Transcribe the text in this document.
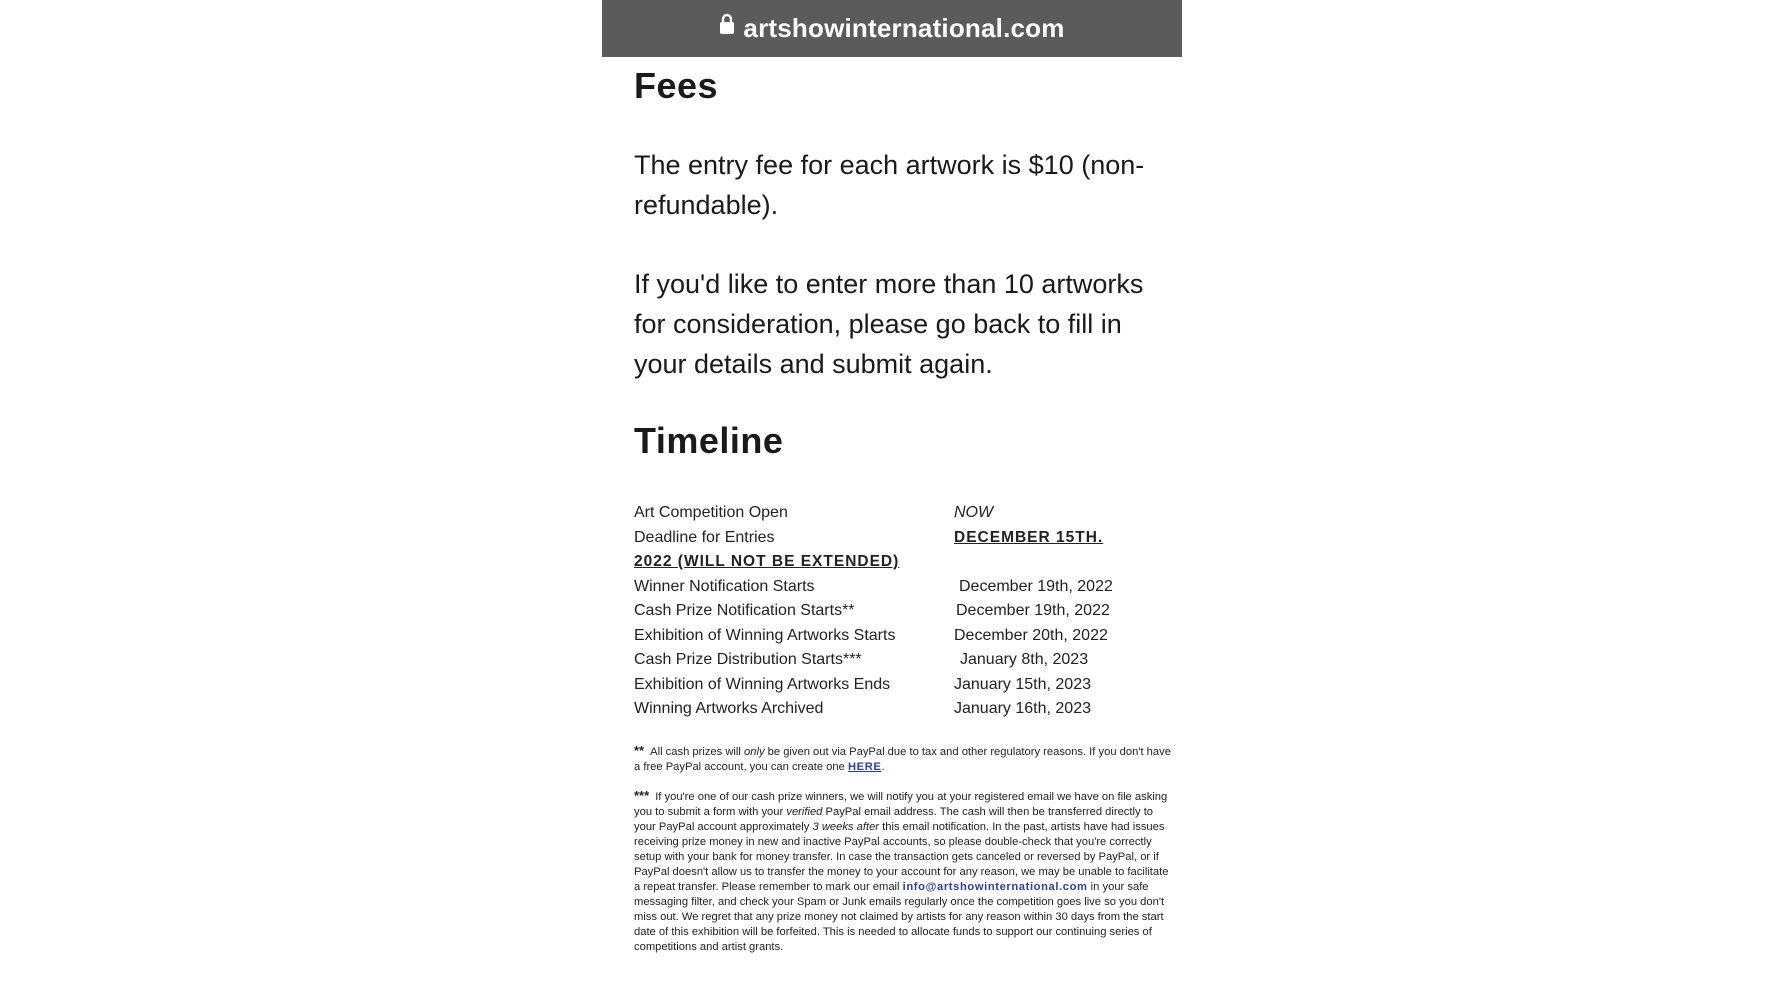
artshowinternational.com
Fees

The entry fee for each artwork is $10 (non-refundable).

If you'd like to enter more than 10 artworks for consideration, please go back to fill in your details and submit again.

Timeline
Art Competition Open	NOW
Deadline for Entries	DECEMBER 15TH.
2022 (WILL NOT BE EXTENDED)
Winner Notification Starts	December 19th, 2022
Cash Prize Notification Starts**	December 19th, 2022
Exhibition of Winning Artworks Starts	December 20th, 2022
Cash Prize Distribution Starts***	January 8th, 2023
Exhibition of Winning Artworks Ends	January 15th, 2023
Winning Artworks Archived	January 16th, 2023
** All cash prizes will only be given out via PayPal due to tax and other regulatory reasons. If you don't have a free PayPal account, you can create one HERE.
*** If you're one of our cash prize winners, we will notify you at your registered email we have on file asking you to submit a form with your verified PayPal email address. The cash will then be transferred directly to your PayPal account approximately 3 weeks after this email notification. In the past, artists have had issues receiving prize money in new and inactive PayPal accounts, so please double-check that you're correctly setup with your bank for money transfer. In case the transaction gets canceled or reversed by PayPal, or if PayPal doesn't allow us to transfer the money to your account for any reason, we may be unable to facilitate a repeat transfer. Please remember to mark our email info@artshowinternational.com in your safe messaging filter, and check your Spam or Junk emails regularly once the competition goes live so you don't miss out. We regret that any prize money not claimed by artists for any reason within 30 days from the start date of this exhibition will be forfeited. This is needed to allocate funds to support our continuing series of competitions and artist grants.
